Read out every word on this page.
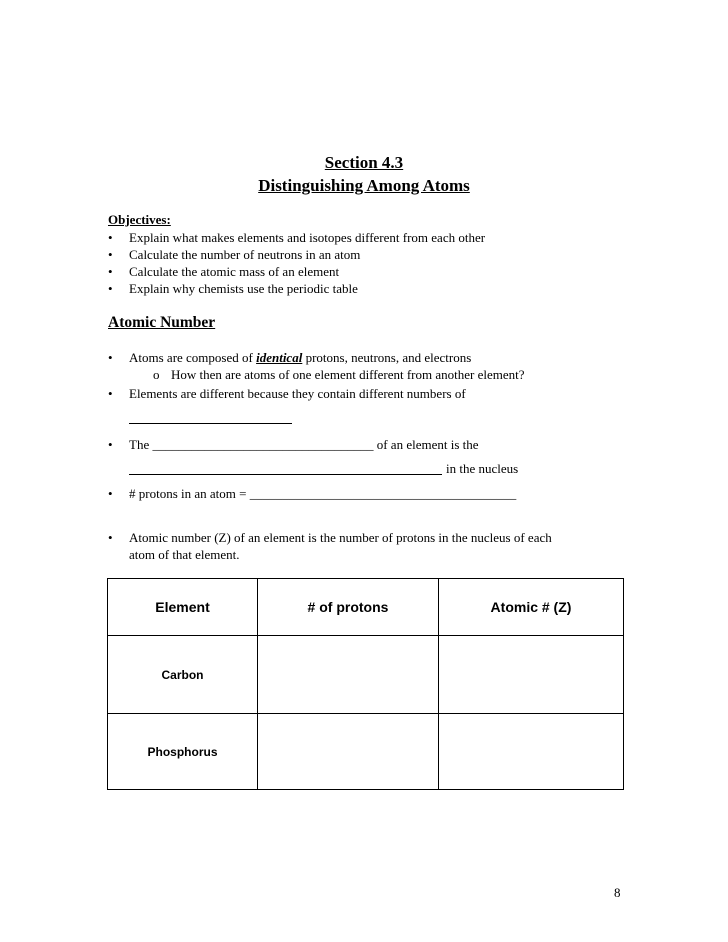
Section 4.3
Distinguishing Among Atoms
Objectives:
• Explain what makes elements and isotopes different from each other
• Calculate the number of neutrons in an atom
• Calculate the atomic mass of an element
• Explain why chemists use the periodic table
Atomic Number
• Atoms are composed of identical protons, neutrons, and electrons
o How then are atoms of one element different from another element?
• Elements are different because they contain different numbers of
• The __________________________________ of an element is the
in the nucleus
• # protons in an atom = _________________________________________
• Atomic number (Z) of an element is the number of protons in the nucleus of each
atom of that element.
Element	# of protons	Atomic # (Z)
Carbon		
Phosphorus		
8
